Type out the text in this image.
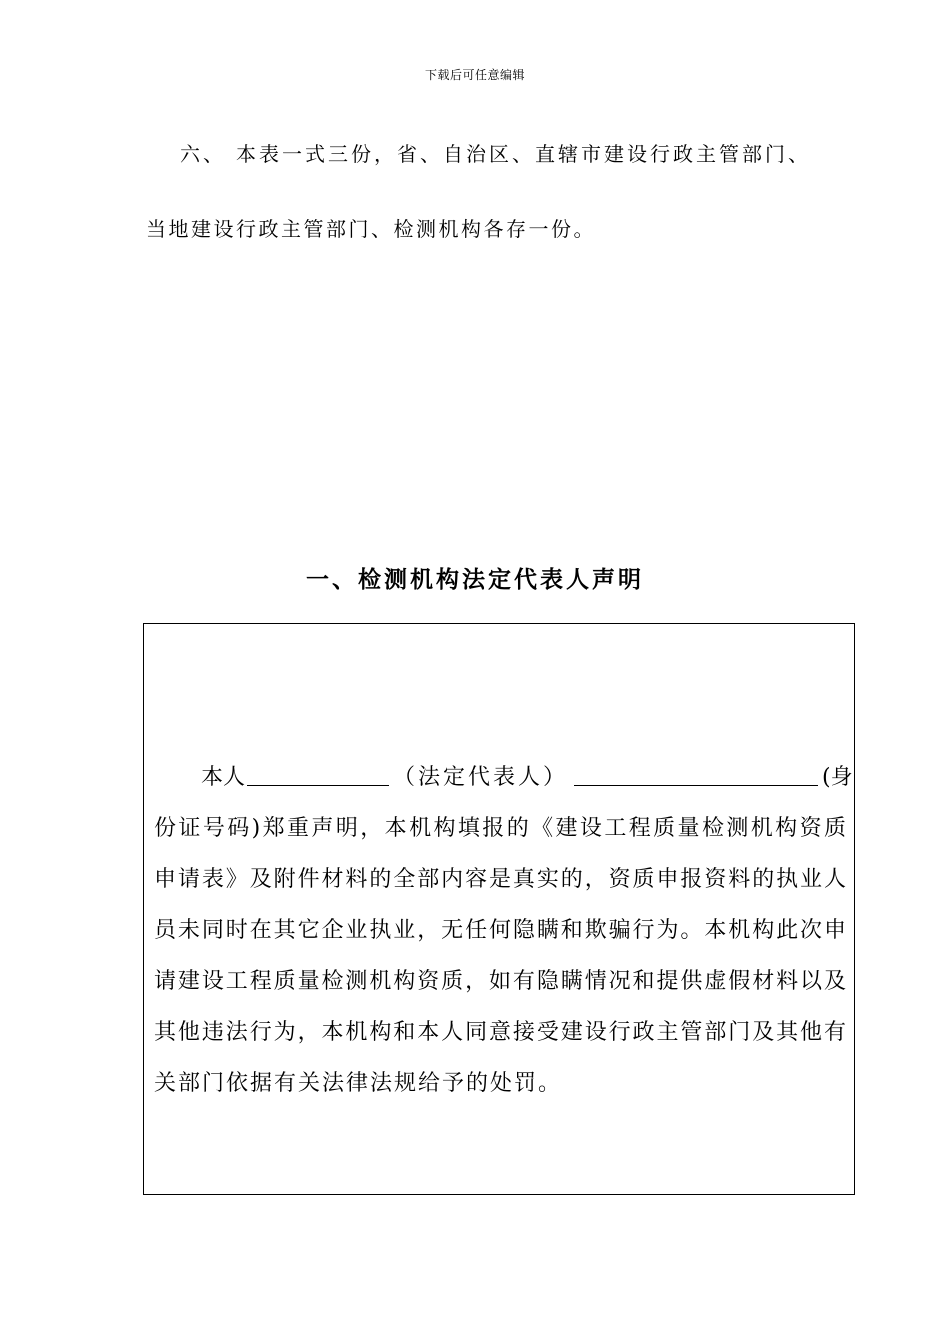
下载后可任意编辑
六、 本表一式三份，省、自治区、直辖市建设行政主管部门、
当地建设行政主管部门、检测机构各存一份。
一、检测机构法定代表人声明
本人	（法定代表人）	(身
份证号码)郑重声明，本机构填报的《建设工程质量检测机构资质
申请表》及附件材料的全部内容是真实的，资质申报资料的执业人
员未同时在其它企业执业，无任何隐瞒和欺骗行为。本机构此次申
请建设工程质量检测机构资质，如有隐瞒情况和提供虚假材料以及
其他违法行为，本机构和本人同意接受建设行政主管部门及其他有
关部门依据有关法律法规给予的处罚。
